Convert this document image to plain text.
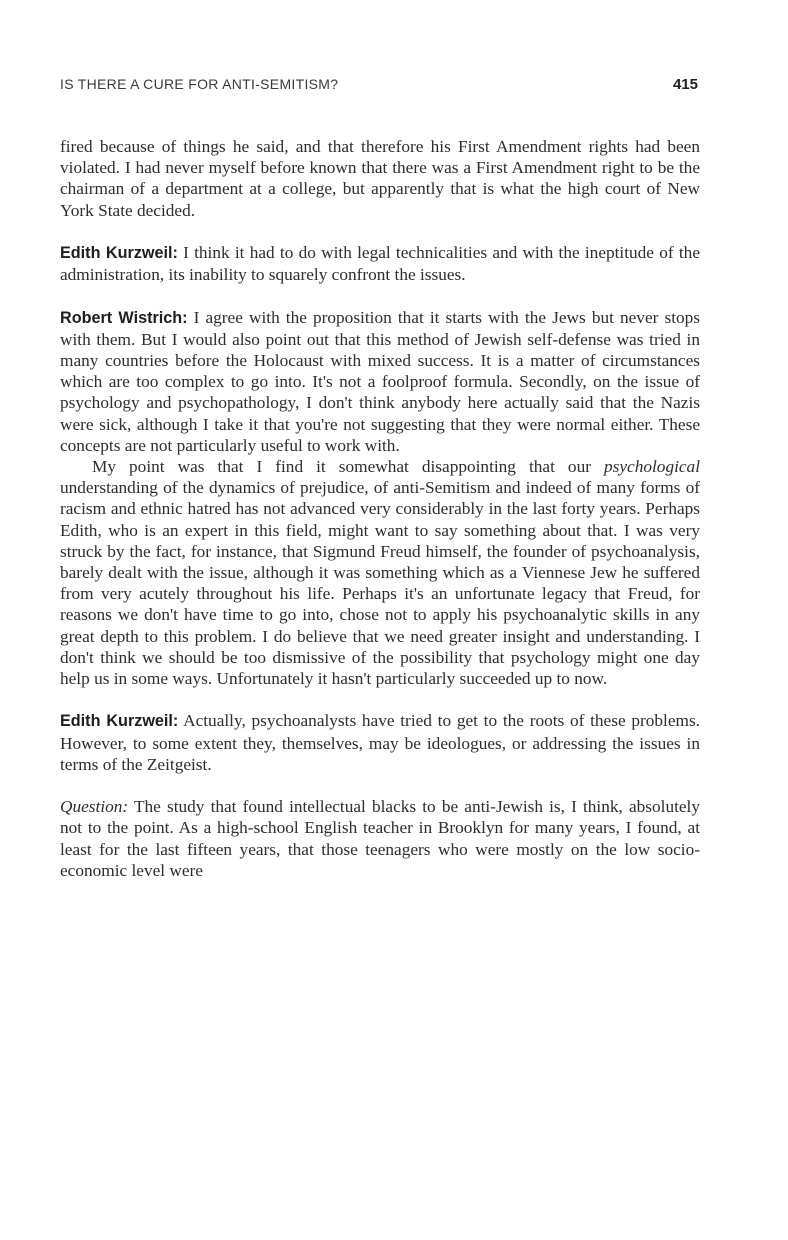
IS THERE A CURE FOR ANTI-SEMITISM?	415

fired because of things he said, and that therefore his First Amendment rights had been violated. I had never myself before known that there was a First Amendment right to be the chairman of a department at a college, but apparently that is what the high court of New York State decided.

Edith Kurzweil: I think it had to do with legal technicalities and with the ineptitude of the administration, its inability to squarely confront the issues.

Robert Wistrich: I agree with the proposition that it starts with the Jews but never stops with them. But I would also point out that this method of Jewish self-defense was tried in many countries before the Holocaust with mixed success. It is a matter of circumstances which are too complex to go into. It's not a foolproof formula. Secondly, on the issue of psychology and psychopathology, I don't think anybody here actually said that the Nazis were sick, although I take it that you're not suggesting that they were normal either. These concepts are not particularly useful to work with.

My point was that I find it somewhat disappointing that our psychological understanding of the dynamics of prejudice, of anti-Semitism and indeed of many forms of racism and ethnic hatred has not advanced very considerably in the last forty years. Perhaps Edith, who is an expert in this field, might want to say something about that. I was very struck by the fact, for instance, that Sigmund Freud himself, the founder of psychoanalysis, barely dealt with the issue, although it was something which as a Viennese Jew he suffered from very acutely throughout his life. Perhaps it's an unfortunate legacy that Freud, for reasons we don't have time to go into, chose not to apply his psychoanalytic skills in any great depth to this problem. I do believe that we need greater insight and understanding. I don't think we should be too dismissive of the possibility that psychology might one day help us in some ways. Unfortunately it hasn't particularly succeeded up to now.

Edith Kurzweil: Actually, psychoanalysts have tried to get to the roots of these problems. However, to some extent they, themselves, may be ideologues, or addressing the issues in terms of the Zeitgeist.

Question: The study that found intellectual blacks to be anti-Jewish is, I think, absolutely not to the point. As a high-school English teacher in Brooklyn for many years, I found, at least for the last fifteen years, that those teenagers who were mostly on the low socio-economic level were
